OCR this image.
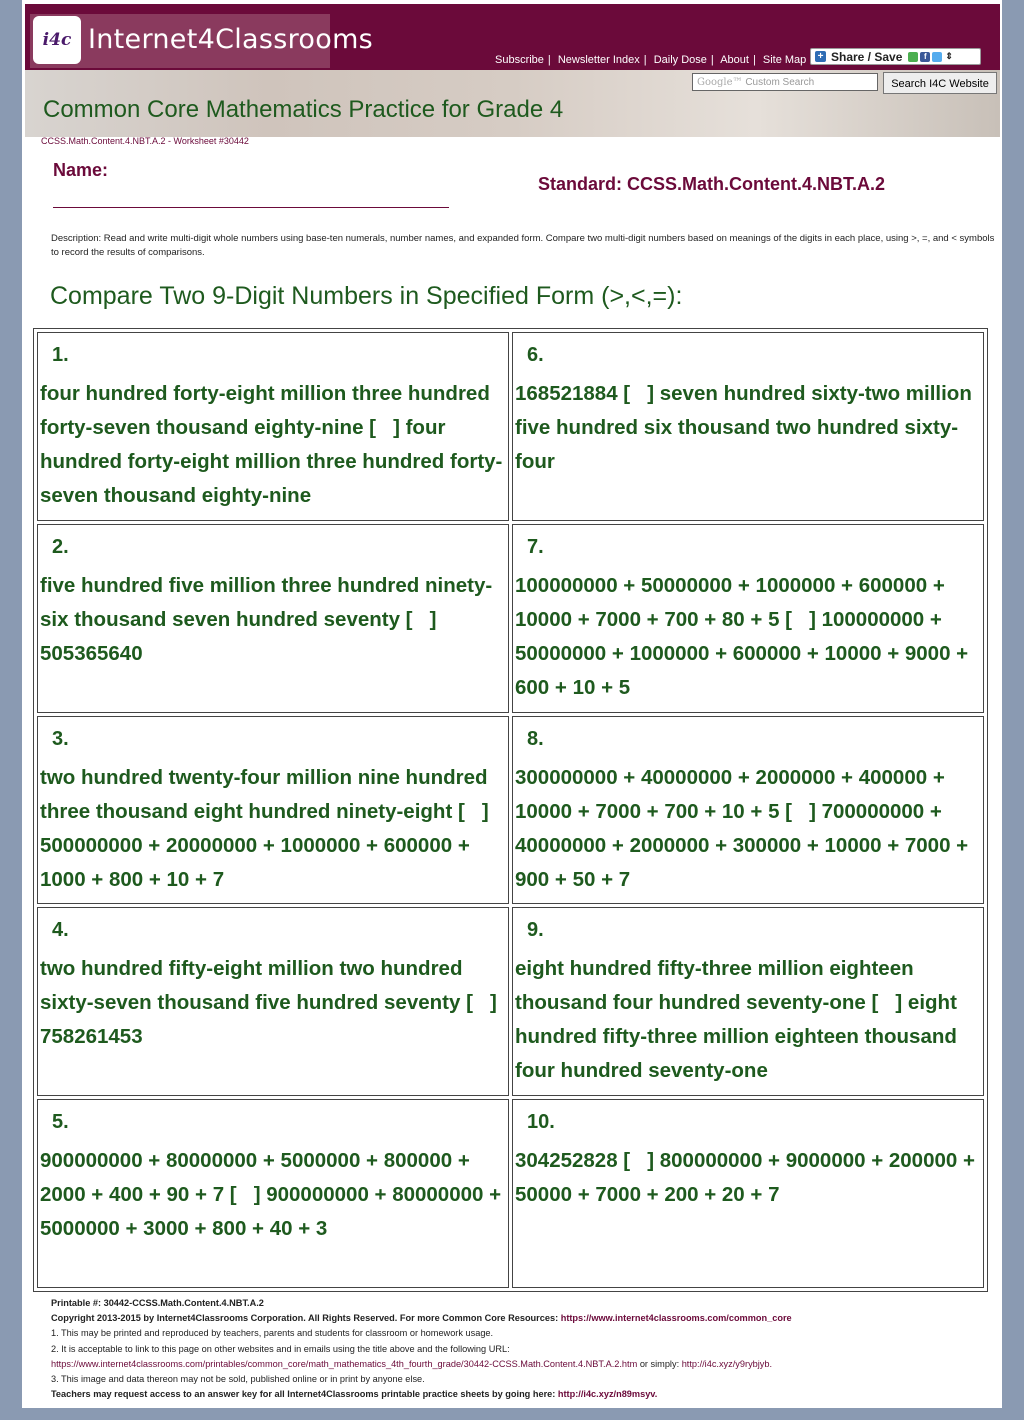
i4c Internet4Classrooms
Subscribe | Newsletter Index | Daily Dose | About | Site Map + Share / Save	f	⇕
Google™ Custom Search	Search I4C Website
Common Core Mathematics Practice for Grade 4
CCSS.Math.Content.4.NBT.A.2 - Worksheet #30442
Name:
Standard: CCSS.Math.Content.4.NBT.A.2
Description: Read and write multi-digit whole numbers using base-ten numerals, number names, and expanded form. Compare two multi-digit numbers based on meanings of the digits in each place, using >, =, and < symbols to record the results of comparisons.
Compare Two 9-Digit Numbers in Specified Form (>,<,=):
1.
four hundred forty-eight million three hundred forty-seven thousand eighty-nine [   ] four hundred forty-eight million three hundred forty-seven thousand eighty-nine
6.
168521884 [   ] seven hundred sixty-two million five hundred six thousand two hundred sixty-four
2.
five hundred five million three hundred ninety-six thousand seven hundred seventy [   ] 505365640
7.
100000000 + 50000000 + 1000000 + 600000 + 10000 + 7000 + 700 + 80 + 5 [   ] 100000000 + 50000000 + 1000000 + 600000 + 10000 + 9000 + 600 + 10 + 5
3.
two hundred twenty-four million nine hundred three thousand eight hundred ninety-eight [   ] 500000000 + 20000000 + 1000000 + 600000 + 1000 + 800 + 10 + 7
8.
300000000 + 40000000 + 2000000 + 400000 + 10000 + 7000 + 700 + 10 + 5 [   ] 700000000 + 40000000 + 2000000 + 300000 + 10000 + 7000 + 900 + 50 + 7
4.
two hundred fifty-eight million two hundred sixty-seven thousand five hundred seventy [   ] 758261453
9.
eight hundred fifty-three million eighteen thousand four hundred seventy-one [   ] eight hundred fifty-three million eighteen thousand four hundred seventy-one
5.
900000000 + 80000000 + 5000000 + 800000 + 2000 + 400 + 90 + 7 [   ] 900000000 + 80000000 + 5000000 + 3000 + 800 + 40 + 3
10.
304252828 [   ] 800000000 + 9000000 + 200000 + 50000 + 7000 + 200 + 20 + 7
Printable #: 30442-CCSS.Math.Content.4.NBT.A.2
Copyright 2013-2015 by Internet4Classrooms Corporation. All Rights Reserved. For more Common Core Resources: https://www.internet4classrooms.com/common_core
1. This may be printed and reproduced by teachers, parents and students for classroom or homework usage.
2. It is acceptable to link to this page on other websites and in emails using the title above and the following URL:
https://www.internet4classrooms.com/printables/common_core/math_mathematics_4th_fourth_grade/30442-CCSS.Math.Content.4.NBT.A.2.htm or simply: http://i4c.xyz/y9rybjyb.
3. This image and data thereon may not be sold, published online or in print by anyone else.
Teachers may request access to an answer key for all Internet4Classrooms printable practice sheets by going here: http://i4c.xyz/n89msyv.
